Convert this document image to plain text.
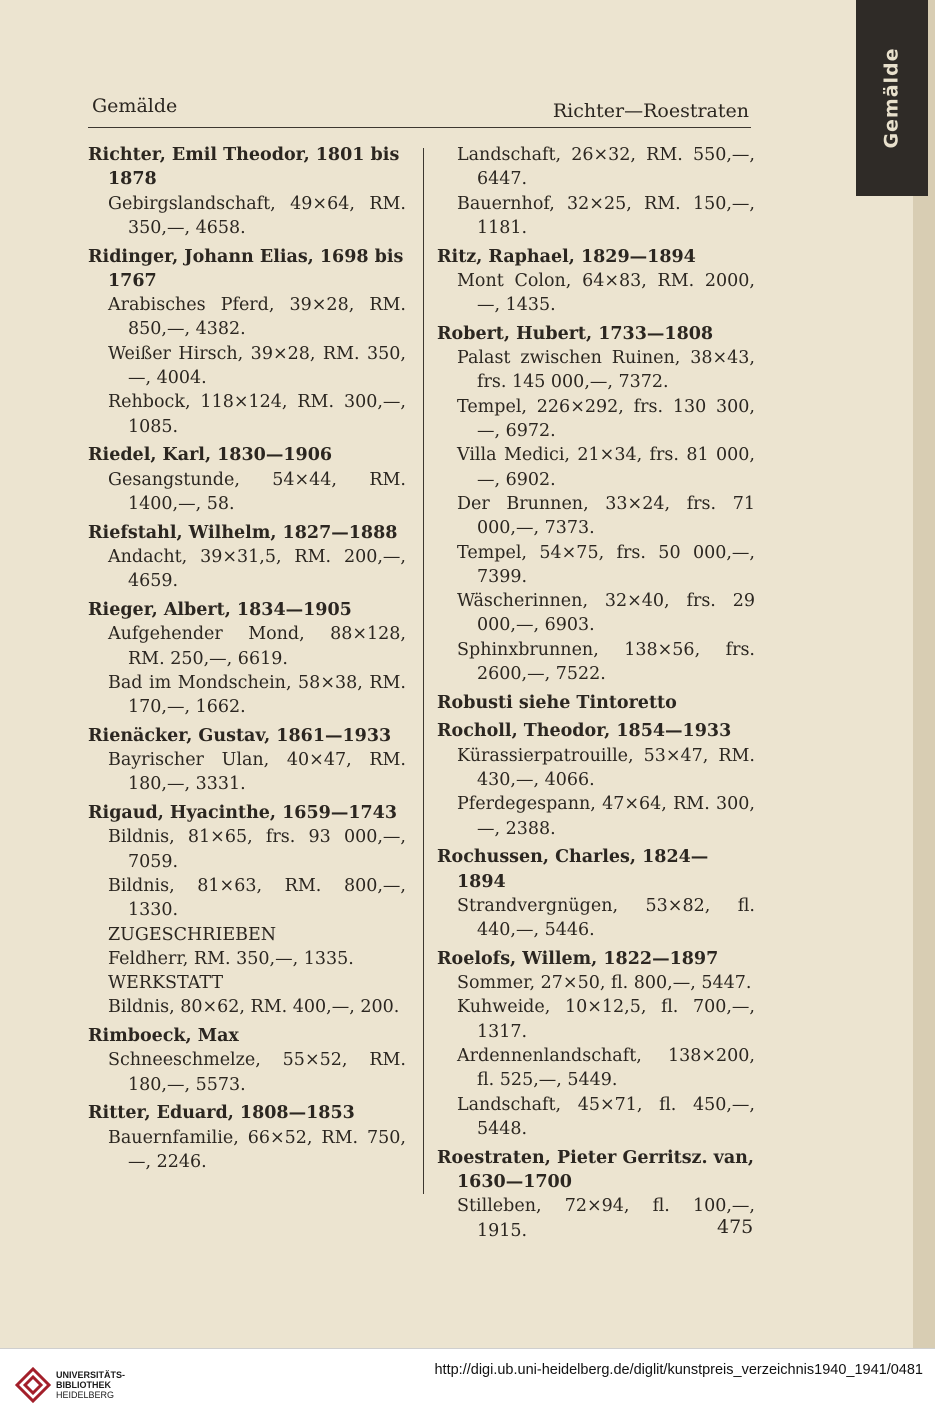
Gemälde
Gemälde	Richter—Roestraten
Richter, Emil Theodor, 1801 bis 1878
Gebirgslandschaft, 49×64, RM. 350,—, 4658.
Ridinger, Johann Elias, 1698 bis 1767
Arabisches Pferd, 39×28, RM. 850,—, 4382.
Weißer Hirsch, 39×28, RM. 350,—, 4004.
Rehbock, 118×124, RM. 300,—, 1085.
Riedel, Karl, 1830—1906
Gesangstunde, 54×44, RM. 1400,—, 58.
Riefstahl, Wilhelm, 1827—1888
Andacht, 39×31,5, RM. 200,—, 4659.
Rieger, Albert, 1834—1905
Aufgehender Mond, 88×128, RM. 250,—, 6619.
Bad im Mondschein, 58×38, RM. 170,—, 1662.
Rienäcker, Gustav, 1861—1933
Bayrischer Ulan, 40×47, RM. 180,—, 3331.
Rigaud, Hyacinthe, 1659—1743
Bildnis, 81×65, frs. 93 000,—, 7059.
Bildnis, 81×63, RM. 800,—, 1330.
ZUGESCHRIEBEN
Feldherr, RM. 350,—, 1335.
WERKSTATT
Bildnis, 80×62, RM. 400,—, 200.
Rimboeck, Max
Schneeschmelze, 55×52, RM. 180,—, 5573.
Ritter, Eduard, 1808—1853
Bauernfamilie, 66×52, RM. 750,—, 2246.
Landschaft, 26×32, RM. 550,—, 6447.
Bauernhof, 32×25, RM. 150,—, 1181.
Ritz, Raphael, 1829—1894
Mont Colon, 64×83, RM. 2000,—, 1435.
Robert, Hubert, 1733—1808
Palast zwischen Ruinen, 38×43, frs. 145 000,—, 7372.
Tempel, 226×292, frs. 130 300,—, 6972.
Villa Medici, 21×34, frs. 81 000,—, 6902.
Der Brunnen, 33×24, frs. 71 000,—, 7373.
Tempel, 54×75, frs. 50 000,—, 7399.
Wäscherinnen, 32×40, frs. 29 000,—, 6903.
Sphinxbrunnen, 138×56, frs. 2600,—, 7522.
Robusti siehe Tintoretto
Rocholl, Theodor, 1854—1933
Kürassierpatrouille, 53×47, RM. 430,—, 4066.
Pferdegespann, 47×64, RM. 300,—, 2388.
Rochussen, Charles, 1824—1894
Strandvergnügen, 53×82, fl. 440,—, 5446.
Roelofs, Willem, 1822—1897
Sommer, 27×50, fl. 800,—, 5447.
Kuhweide, 10×12,5, fl. 700,—, 1317.
Ardennenlandschaft, 138×200, fl. 525,—, 5449.
Landschaft, 45×71, fl. 450,—, 5448.
Roestraten, Pieter Gerritsz. van, 1630—1700
Stilleben, 72×94, fl. 100,—, 1915.	475
UNIVERSITÄTS-
BIBLIOTHEK
HEIDELBERG
http://digi.ub.uni-heidelberg.de/diglit/kunstpreis_verzeichnis1940_1941/0481
